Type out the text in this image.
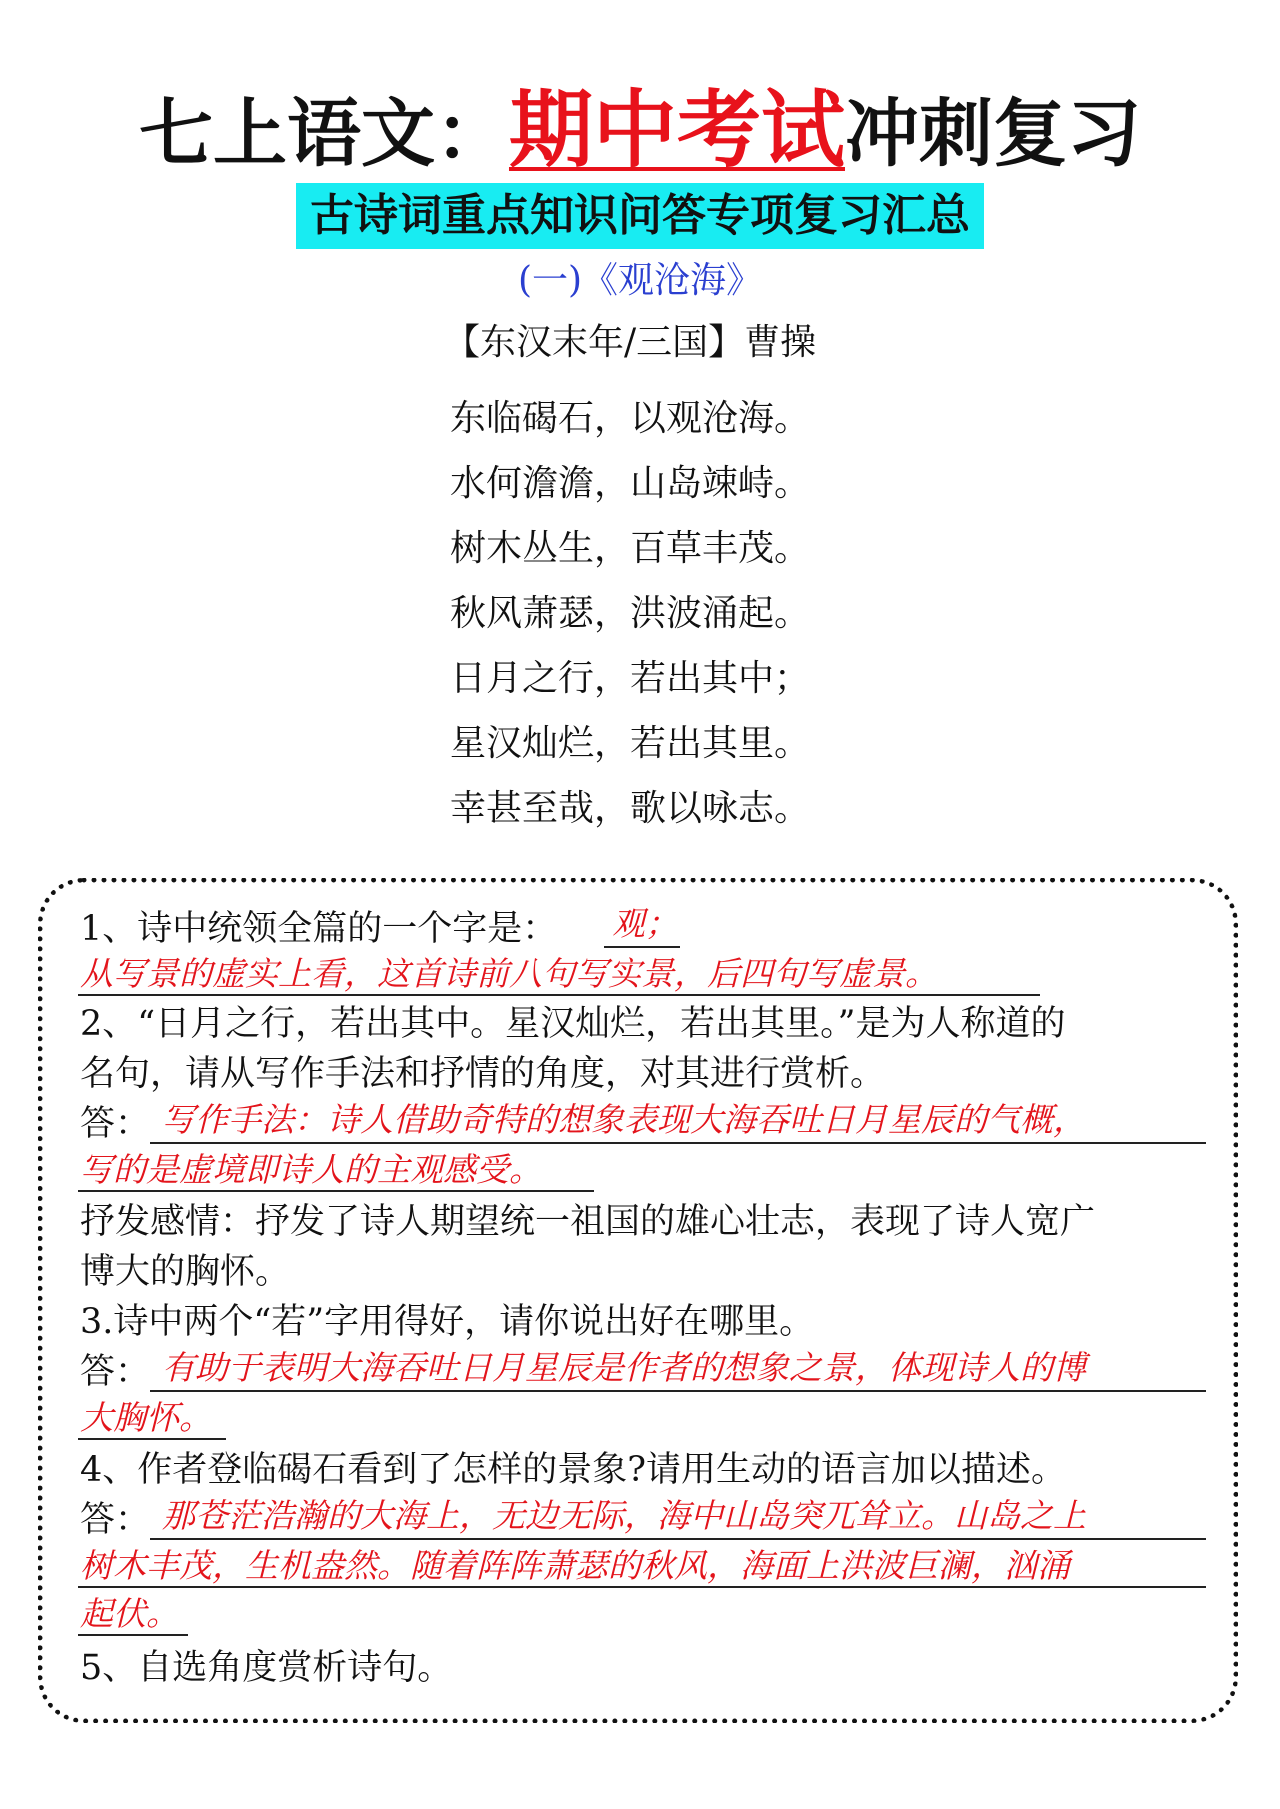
七上语文：期中考试冲刺复习
古诗词重点知识问答专项复习汇总
(一)《观沧海》
【东汉末年/三国】曹操
东临碣石，以观沧海。
水何澹澹，山岛竦峙。
树木丛生，百草丰茂。
秋风萧瑟，洪波涌起。
日月之行，若出其中；
星汉灿烂，若出其里。
幸甚至哉，歌以咏志。
1、诗中统领全篇的一个字是： 观；
从写景的虚实上看，这首诗前八句写实景，后四句写虚景。
2、“日月之行，若出其中。星汉灿烂，若出其里。”是为人称道的
名句，请从写作手法和抒情的角度，对其进行赏析。
答： 写作手法：诗人借助奇特的想象表现大海吞吐日月星辰的气概，
写的是虚境即诗人的主观感受。
抒发感情：抒发了诗人期望统一祖国的雄心壮志，表现了诗人宽广
博大的胸怀。
3.诗中两个“若”字用得好，请你说出好在哪里。
答： 有助于表明大海吞吐日月星辰是作者的想象之景，体现诗人的博
大胸怀。
4、作者登临碣石看到了怎样的景象?请用生动的语言加以描述。
答： 那苍茫浩瀚的大海上，无边无际，海中山岛突兀耸立。山岛之上
树木丰茂，生机盎然。随着阵阵萧瑟的秋风，海面上洪波巨澜，汹涌
起伏。
5、自选角度赏析诗句。
